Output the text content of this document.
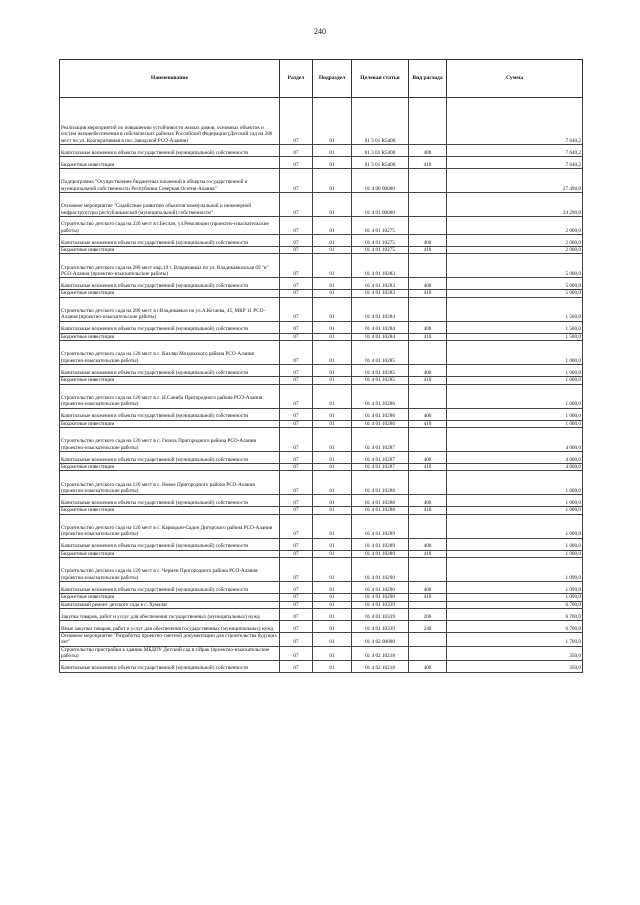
240
Наименование	Раздел	Подраздел	Целевая статья	Вид расхода	Сумма
Реализация мероприятий по повышению устойчивости жилых домов, основных объектов и систем жизнеобеспечения в сейсмических районах Российской Федерации (Детский сад на 280 мест по ул. Кооперативная в пос.Заводской РСО-Алания)	07	01	01 3 01 R5400		7 640,2
Капитальные вложения в объекты государственной (муниципальной) собственности	07	01	01 3 01 R5400	400	7 640,2
Бюджетные инвестиции	07	01	01 3 01 R5400	410	7 640,2
Подпрограмма "Осуществление бюджетных вложений в объекты государственной и муниципальной собственности Республики Северная Осетия-Алания"	07	01	01 4 00 00000		27 490,0
Основное мероприятие "Содействие развитию объектов коммунальной и инженерной инфраструктуры республиканской (муниципальной) собственности"	07	01	01 4 01 00000		24 290,0
Строительство детского сада на 220 мест в г.Беслан, ул.Революции (проектно-изыскательские работы)	07	01	01 4 01 10275		2 000,0
Капитальные вложения в объекты государственной (муниципальной) собственности	07	01	01 4 01 10275	400	2 000,0
Бюджетные инвестиции	07	01	01 4 01 10275	410	2 000,0
Строительство детского сада на 280 мест мкр.19 г. Владикавказ по ул. Владикавказская 69 "в" РСО-Алания (проектно-изыскательские работы)	07	01	01 4 01 10283		5 000,0
Капитальные вложения в объекты государственной (муниципальной) собственности	07	01	01 4 01 10283	400	5 000,0
Бюджетные инвестиции	07	01	01 4 01 10283	410	5 000,0
Строительство детского сада на 280 мест в г.Владикавказ по ул.А.Кесаева, 45, МКР 11 РСО-Алания (проектно-изыскательские работы)	07	01	01 4 01 10284		1 500,0
Капитальные вложения в объекты государственной (муниципальной) собственности	07	01	01 4 01 10284	400	1 500,0
Бюджетные инвестиции	07	01	01 4 01 10284	410	1 500,0
Строительство детского сада на 120 мест в с. Кизляр Моздокского района РСО-Алания (проектно-изыскательские работы)	07	01	01 4 01 10285		1 000,0
Капитальные вложения в объекты государственной (муниципальной) собственности	07	01	01 4 01 10285	400	1 000,0
Бюджетные инвестиции	07	01	01 4 01 10285	410	1 000,0
Строительство детского сада на 120 мест в с. Н.Саниба Пригородного района РСО-Алания (проектно-изыскательские работы)	07	01	01 4 01 10286		1 000,0
Капитальные вложения в объекты государственной (муниципальной) собственности	07	01	01 4 01 10286	400	1 000,0
Бюджетные инвестиции	07	01	01 4 01 10286	410	1 000,0
Строительство детского сада на 120 мест в с. Гизель Пригородного района РСО-Алания (проектно-изыскательские работы)	07	01	01 4 01 10287		4 000,0
Капитальные вложения в объекты государственной (муниципальной) собственности	07	01	01 4 01 10287	400	4 000,0
Бюджетные инвестиции	07	01	01 4 01 10287	410	4 000,0
Строительство детского сада на 120 мест в с. Новое Пригородного района РСО-Алания (проектно-изыскательские работы)	07	01	01 4 01 10288		1 000,0
Капитальные вложения в объекты государственной (муниципальной) собственности	07	01	01 4 01 10288	400	1 000,0
Бюджетные инвестиции	07	01	01 4 01 10288	410	1 000,0
Строительство детского сада на 120 мест в с. Кармадон-Садон Дигорского района РСО-Алания (проектно-изыскательские работы)	07	01	01 4 01 10289		1 000,0
Капитальные вложения в объекты государственной (муниципальной) собственности	07	01	01 4 01 10289	400	1 000,0
Бюджетные инвестиции	07	01	01 4 01 10289	410	1 000,0
Строительство детского сада на 120 мест в с. Чермен Пригородного района РСО-Алания (проектно-изыскательские работы)	07	01	01 4 01 10290		1 090,0
Капитальные вложения в объекты государственной (муниципальной) собственности	07	01	01 4 01 10290	400	1 090,0
Бюджетные инвестиции	07	01	01 4 01 10290	410	1 090,0
Капитальный ремонт детского сада в с. Хумалаг	07	01	01 4 01 10339		6 700,0
Закупка товаров, работ и услуг для обеспечения государственных (муниципальных) нужд	07	01	01 4 01 10339	200	6 700,0
Иные закупки товаров, работ и услуг для обеспечения государственных (муниципальных) нужд	07	01	01 4 01 10339	240	6 700,0
Основное мероприятие "Разработка проектно-сметной документации для строительства будущих лет"	07	01	01 4 02 00000		1 700,0
Строительство пристройки к зданию МБДОУ Детский сад в г.Ирак (проектно-изыскательские работы)	07	01	01 4 02 10218		350,0
Капитальные вложения в объекты государственной (муниципальной) собственности	07	01	01 4 02 10218	400	350,0
